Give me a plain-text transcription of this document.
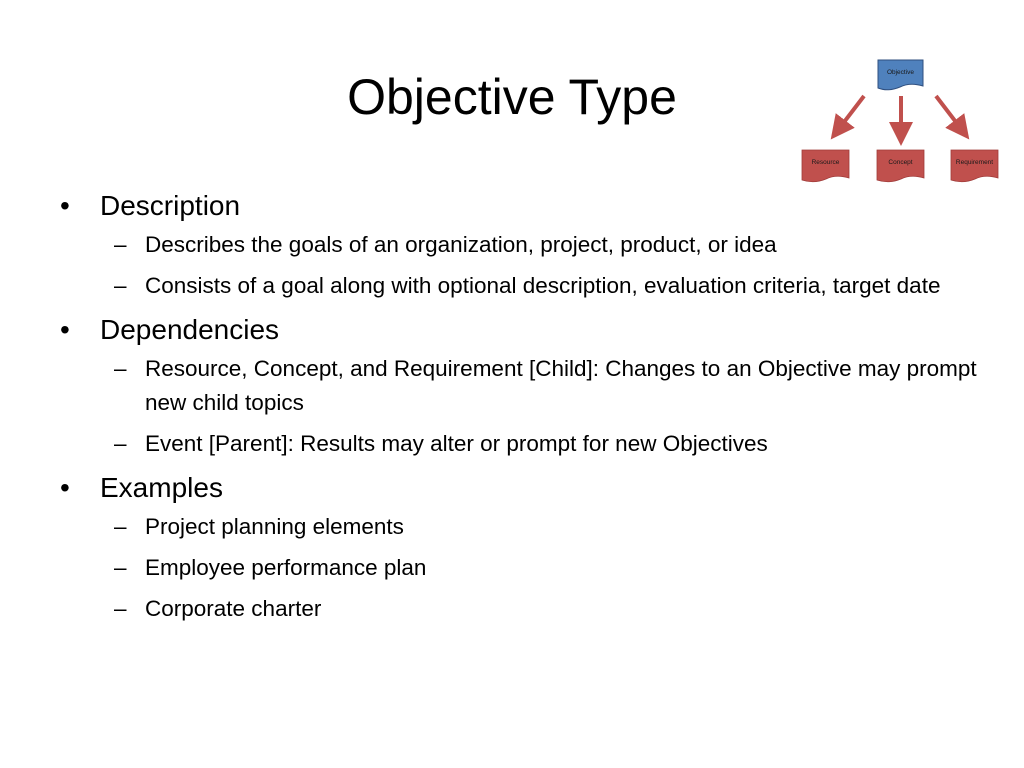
Objective Type	Objective
Resource	Concept	Requirement
• Description
– Describes the goals of an organization, project, product, or idea
– Consists of a goal along with optional description, evaluation criteria, target date
• Dependencies
– Resource, Concept, and Requirement [Child]: Changes to an Objective may prompt new child topics
– Event [Parent]: Results may alter or prompt for new Objectives
• Examples
– Project planning elements
– Employee performance plan
– Corporate charter
